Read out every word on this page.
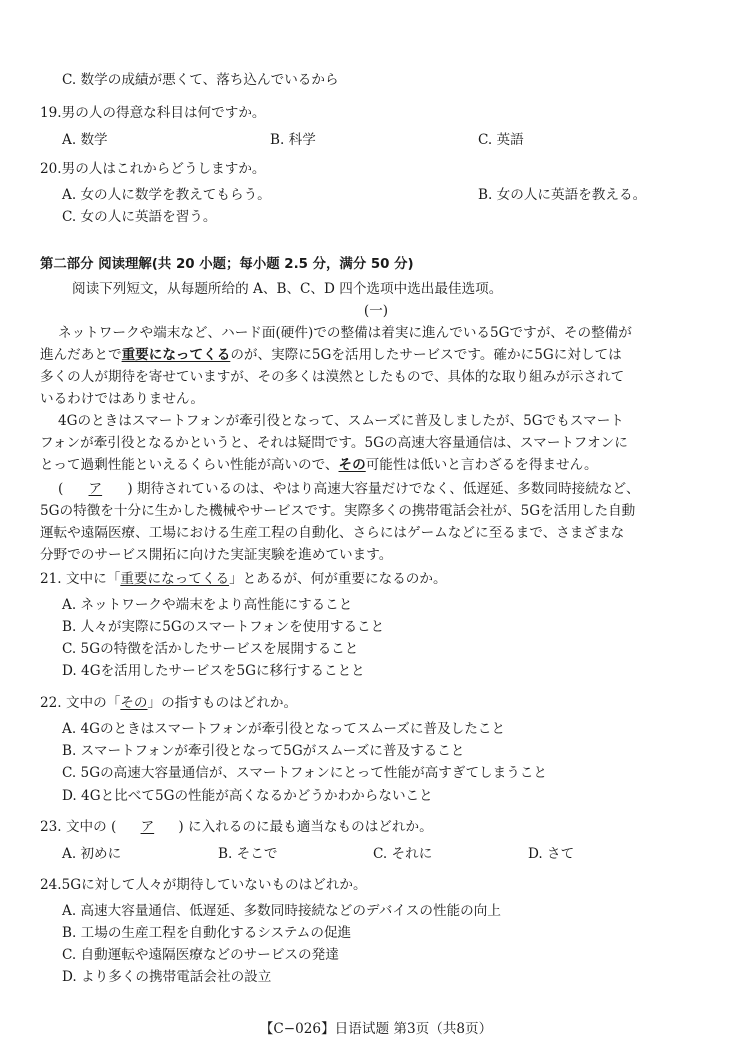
C. 数学の成績が悪くて、落ち込んでいるから
19.男の人の得意な科目は何ですか。
A. 数学	B. 科学	C. 英語
20.男の人はこれからどうしますか。
A. 女の人に数学を教えてもらう。	B. 女の人に英語を教える。
C. 女の人に英語を習う。
第二部分 阅读理解(共 20 小题；每小题 2.5 分，满分 50 分)
阅读下列短文，从每题所给的 A、B、C、D 四个选项中选出最佳选项。
(一)
ネットワークや端末など、ハード面(硬件)での整備は着実に進んでいる5Gですが、その整備が
進んだあとで重要になってくるのが、実際に5Gを活用したサービスです。確かに5Gに対しては
多くの人が期待を寄せていますが、その多くは漠然としたもので、具体的な取り組みが示されて
いるわけではありません。
4Gのときはスマートフォンが牽引役となって、スムーズに普及しましたが、5Gでもスマート
フォンが牽引役となるかというと、それは疑問です。5Gの高速大容量通信は、スマートフオンに
とって過剰性能といえるくらい性能が高いので、その可能性は低いと言わざるを得ません。
( ア ) 期待されているのは、やはり高速大容量だけでなく、低遅延、多数同時接続など、
5Gの特徴を十分に生かした機械やサービスです。実際多くの携帯電話会社が、5Gを活用した自動
運転や遠隔医療、工場における生産工程の自動化、さらにはゲームなどに至るまで、さまざまな
分野でのサービス開拓に向けた実証実験を進めています。
21. 文中に「重要になってくる」とあるが、何が重要になるのか。
A. ネットワークや端末をより高性能にすること
B. 人々が実際に5Gのスマートフォンを使用すること
C. 5Gの特徴を活かしたサービスを展開すること
D. 4Gを活用したサービスを5Gに移行することと
22. 文中の「その」の指すものはどれか。
A. 4Gのときはスマートフォンが牽引役となってスムーズに普及したこと
B. スマートフォンが牽引役となって5Gがスムーズに普及すること
C. 5Gの高速大容量通信が、スマートフォンにとって性能が高すぎてしまうこと
D. 4Gと比べて5Gの性能が高くなるかどうかわからないこと
23. 文中の ( ア ) に入れるのに最も適当なものはどれか。
A. 初めに	B. そこで	C. それに	D. さて
24.5Gに対して人々が期待していないものはどれか。
A. 高速大容量通信、低遅延、多数同時接続などのデバイスの性能の向上
B. 工場の生産工程を自動化するシステムの促進
C. 自動運転や遠隔医療などのサービスの発達
D. より多くの携帯電話会社の設立
【C−026】日语试题 第3页（共8页）
